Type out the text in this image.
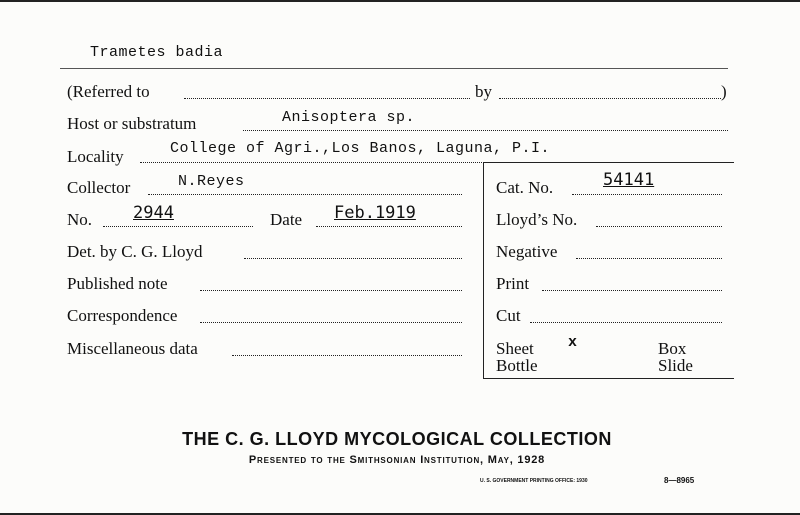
Trametes badia
(Referred to	by	)
Host or substratum	Anisoptera sp.
Locality	College of Agri.,Los Banos, Laguna, P.I.
Collector	N.Reyes
No. 2944	Date Feb.1919
Det. by C. G. Lloyd
Published note
Correspondence
Miscellaneous data
Cat. No.	54141
Lloyd’s No.
Negative
Print
Cut
Sheet x	Box
Bottle	Slide
THE C. G. LLOYD MYCOLOGICAL COLLECTION
Presented to the Smithsonian Institution, May, 1928
U. S. GOVERNMENT PRINTING OFFICE: 1930	8—8965
